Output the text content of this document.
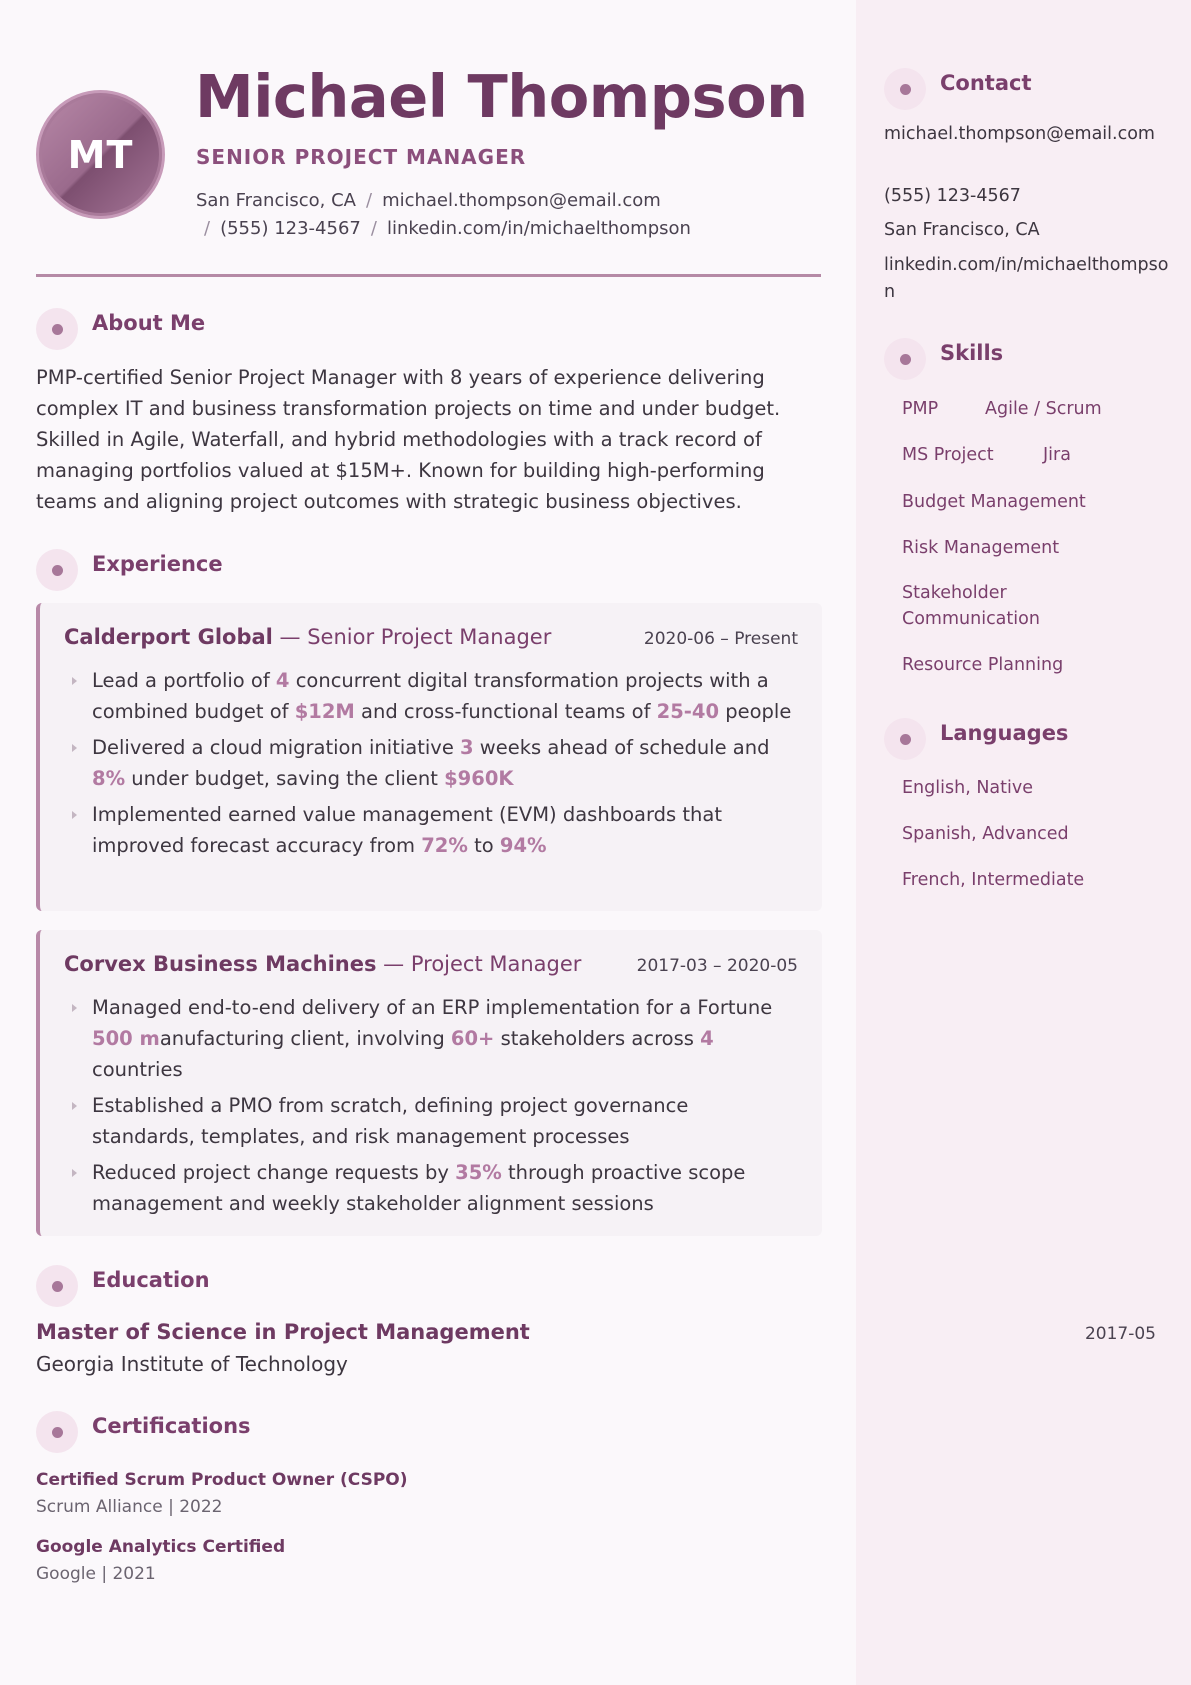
MT
Michael Thompson
SENIOR PROJECT MANAGER
San Francisco, CA / michael.thompson@email.com
/ (555) 123-4567 / linkedin.com/in/michaelthompson
About Me
PMP-certified Senior Project Manager with 8 years of experience delivering complex IT and business transformation projects on time and under budget. Skilled in Agile, Waterfall, and hybrid methodologies with a track record of managing portfolios valued at $15M+. Known for building high-performing teams and aligning project outcomes with strategic business objectives.
Experience
Calderport Global — Senior Project Manager	2020-06 – Present
Lead a portfolio of 4 concurrent digital transformation projects with a combined budget of $12M and cross-functional teams of 25-40 people
Delivered a cloud migration initiative 3 weeks ahead of schedule and 8% under budget, saving the client $960K
Implemented earned value management (EVM) dashboards that improved forecast accuracy from 72% to 94%
Corvex Business Machines — Project Manager	2017-03 – 2020-05
Managed end-to-end delivery of an ERP implementation for a Fortune 500 manufacturing client, involving 60+ stakeholders across 4 countries
Established a PMO from scratch, defining project governance standards, templates, and risk management processes
Reduced project change requests by 35% through proactive scope management and weekly stakeholder alignment sessions
Education
Master of Science in Project Management	2017-05
Georgia Institute of Technology
Certifications
Certified Scrum Product Owner (CSPO)
Scrum Alliance | 2022
Google Analytics Certified
Google | 2021
Contact
michael.thompson@email.com
(555) 123-4567
San Francisco, CA
linkedin.com/in/michaelthompson
Skills
PMP	Agile / Scrum
MS Project	Jira
Budget Management
Risk Management
Stakeholder Communication
Resource Planning
Languages
English, Native
Spanish, Advanced
French, Intermediate
